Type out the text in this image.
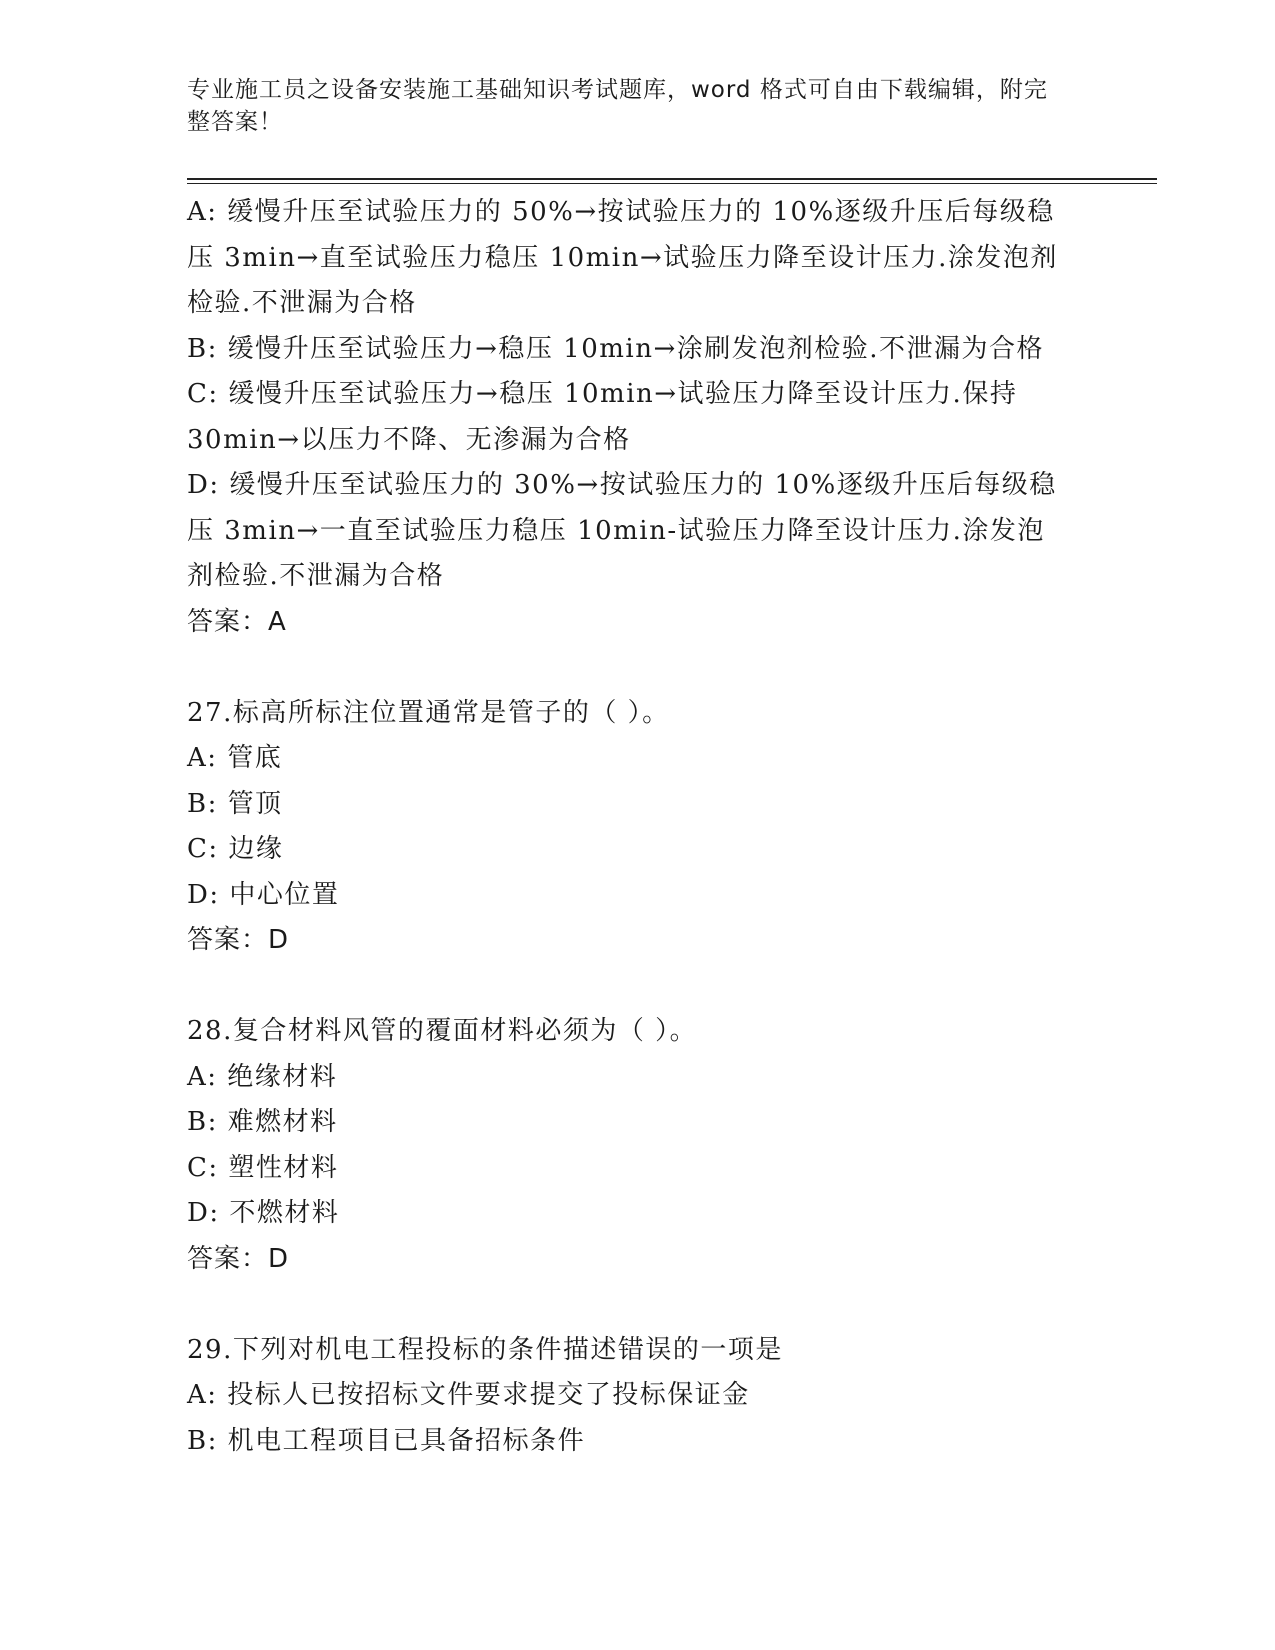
专业施工员之设备安装施工基础知识考试题库，word 格式可自由下载编辑，附完
整答案！
A: 缓慢升压至试验压力的 50%→按试验压力的 10%逐级升压后每级稳
压 3min→直至试验压力稳压 10min→试验压力降至设计压力.涂发泡剂
检验.不泄漏为合格
B: 缓慢升压至试验压力→稳压 10min→涂刷发泡剂检验.不泄漏为合格
C: 缓慢升压至试验压力→稳压 10min→试验压力降至设计压力.保持
30min→以压力不降、无渗漏为合格
D: 缓慢升压至试验压力的 30%→按试验压力的 10%逐级升压后每级稳
压 3min→一直至试验压力稳压 10min-试验压力降至设计压力.涂发泡
剂检验.不泄漏为合格
答案：A
27.标高所标注位置通常是管子的（ ）。
A: 管底
B: 管顶
C: 边缘
D: 中心位置
答案：D
28.复合材料风管的覆面材料必须为（ ）。
A: 绝缘材料
B: 难燃材料
C: 塑性材料
D: 不燃材料
答案：D
29.下列对机电工程投标的条件描述错误的一项是
A: 投标人已按招标文件要求提交了投标保证金
B: 机电工程项目已具备招标条件
